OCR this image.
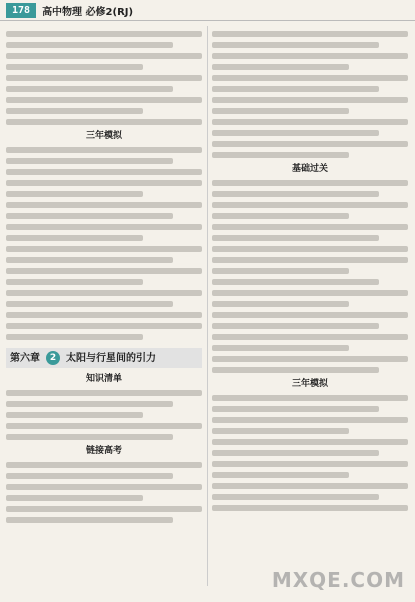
178	高中物理 必修2(RJ)
三年模拟
第六章	2 太阳与行星间的引力
知识清单
链接高考
基础过关
三年模拟
MXQE.COM
